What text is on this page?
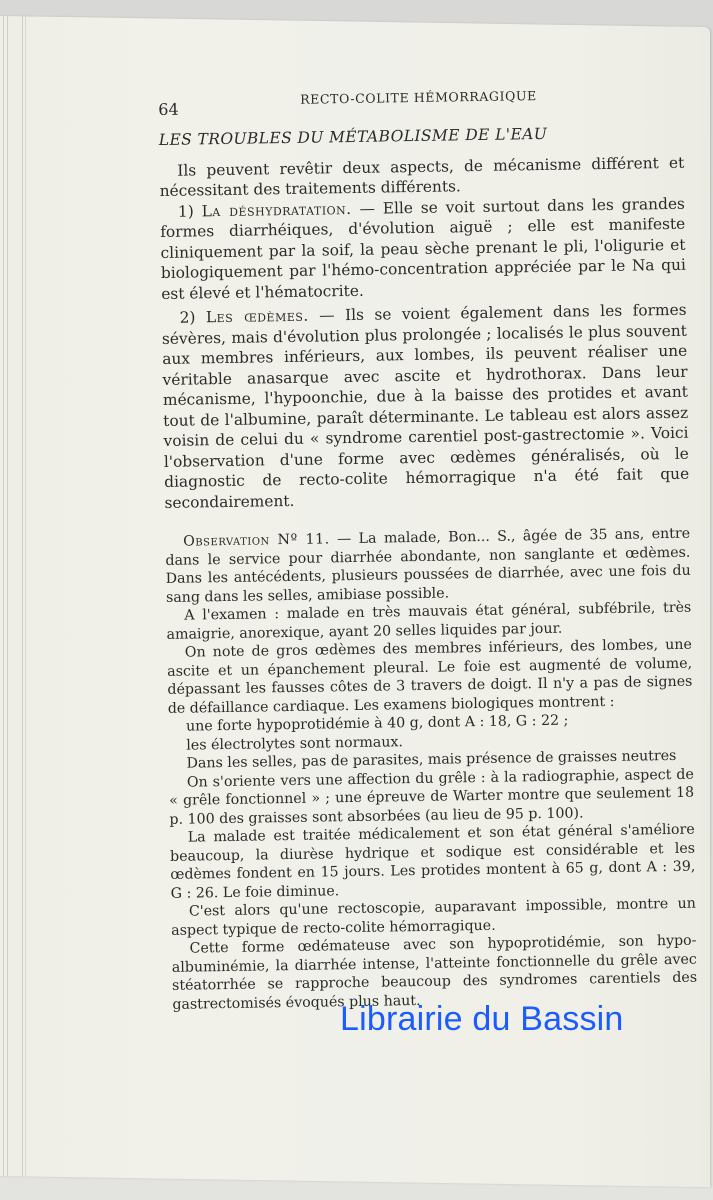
64
RECTO-COLITE HÉMORRAGIQUE
LES TROUBLES DU MÉTABOLISME DE L'EAU

Ils peuvent revêtir deux aspects, de mécanisme différent et nécessitant des traitements différents.

1) La déshydratation. — Elle se voit surtout dans les grandes formes diarrhéiques, d'évolution aiguë ; elle est manifeste cliniquement par la soif, la peau sèche prenant le pli, l'oligurie et biologiquement par l'hémo-concentration appréciée par le Na qui est élevé et l'hématocrite.

2) Les œdèmes. — Ils se voient également dans les formes sévères, mais d'évolution plus prolongée ; localisés le plus souvent aux membres inférieurs, aux lombes, ils peuvent réaliser une véritable anasarque avec ascite et hydrothorax. Dans leur mécanisme, l'hypoonchie, due à la baisse des protides et avant tout de l'albumine, paraît déterminante. Le tableau est alors assez voisin de celui du « syndrome carentiel post-gastrectomie ». Voici l'observation d'une forme avec œdèmes généralisés, où le diagnostic de recto-colite hémorragique n'a été fait que secondairement.

Observation Nº 11. — La malade, Bon... S., âgée de 35 ans, entre dans le service pour diarrhée abondante, non sanglante et œdèmes. Dans les antécédents, plusieurs poussées de diarrhée, avec une fois du sang dans les selles, amibiase possible.

A l'examen : malade en très mauvais état général, subfébrile, très amaigrie, anorexique, ayant 20 selles liquides par jour.

On note de gros œdèmes des membres inférieurs, des lombes, une ascite et un épanchement pleural. Le foie est augmenté de volume, dépassant les fausses côtes de 3 travers de doigt. Il n'y a pas de signes de défaillance cardiaque. Les examens biologiques montrent :

une forte hypoprotidémie à 40 g, dont A : 18, G : 22 ;

les électrolytes sont normaux.

Dans les selles, pas de parasites, mais présence de graisses neutres

On s'oriente vers une affection du grêle : à la radiographie, aspect de « grêle fonctionnel » ; une épreuve de Warter montre que seulement 18 p. 100 des graisses sont absorbées (au lieu de 95 p. 100).

La malade est traitée médicalement et son état général s'améliore beaucoup, la diurèse hydrique et sodique est considérable et les œdèmes fondent en 15 jours. Les protides montent à 65 g, dont A : 39, G : 26. Le foie diminue.

C'est alors qu'une rectoscopie, auparavant impossible, montre un aspect typique de recto-colite hémorragique.

Cette forme œdémateuse avec son hypoprotidémie, son hypo-albuminémie, la diarrhée intense, l'atteinte fonctionnelle du grêle avec stéatorrhée se rapproche beaucoup des syndromes carentiels des gastrectomisés évoqués plus haut.

Librairie du Bassin
